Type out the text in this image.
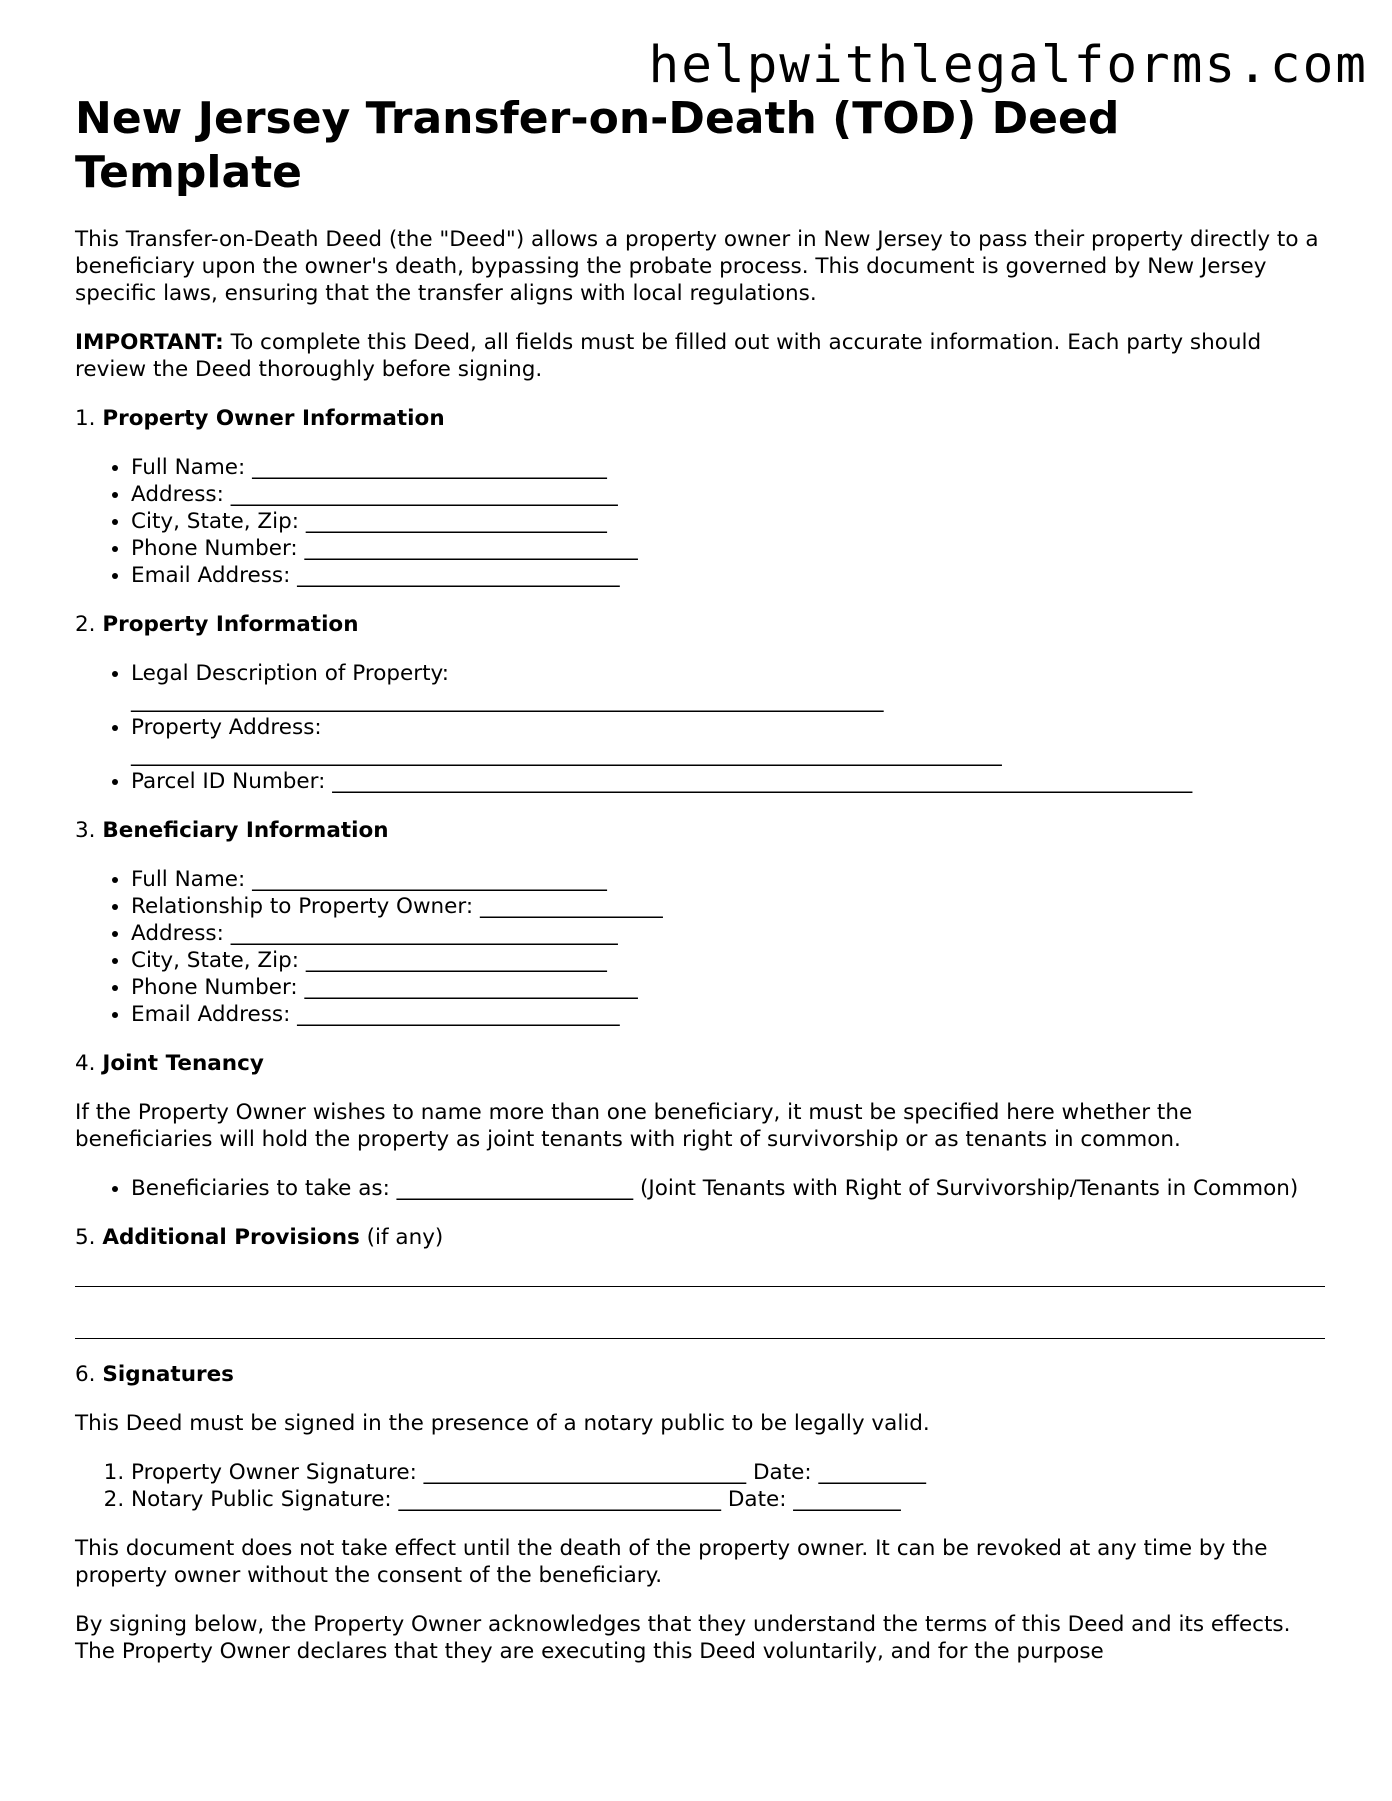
helpwithlegalforms.com
New Jersey Transfer-on-Death (TOD) Deed Template

This Transfer-on-Death Deed (the "Deed") allows a property owner in New Jersey to pass their property directly to a beneficiary upon the owner's death, bypassing the probate process. This document is governed by New Jersey specific laws, ensuring that the transfer aligns with local regulations.

IMPORTANT: To complete this Deed, all fields must be filled out with accurate information. Each party should review the Deed thoroughly before signing.

1. Property Owner Information
• Full Name: _________________________________
• Address: ____________________________________
• City, State, Zip: ____________________________
• Phone Number: _______________________________
• Email Address: ______________________________
2. Property Information
• Legal Description of Property:
______________________________________________________________________
• Property Address:
_________________________________________________________________________________
• Parcel ID Number: ________________________________________________________________________________
3. Beneficiary Information
• Full Name: _________________________________
• Relationship to Property Owner: _________________
• Address: ____________________________________
• City, State, Zip: ____________________________
• Phone Number: _______________________________
• Email Address: ______________________________
4. Joint Tenancy

If the Property Owner wishes to name more than one beneficiary, it must be specified here whether the beneficiaries will hold the property as joint tenants with right of survivorship or as tenants in common.

• Beneficiaries to take as: ______________________ (Joint Tenants with Right of Survivorship/Tenants in Common)
5. Additional Provisions (if any)
6. Signatures

This Deed must be signed in the presence of a notary public to be legally valid.

1. Property Owner Signature: ______________________________ Date: __________
2. Notary Public Signature: ______________________________ Date: __________

This document does not take effect until the death of the property owner. It can be revoked at any time by the property owner without the consent of the beneficiary.

By signing below, the Property Owner acknowledges that they understand the terms of this Deed and its effects. The Property Owner declares that they are executing this Deed voluntarily, and for the purpose
